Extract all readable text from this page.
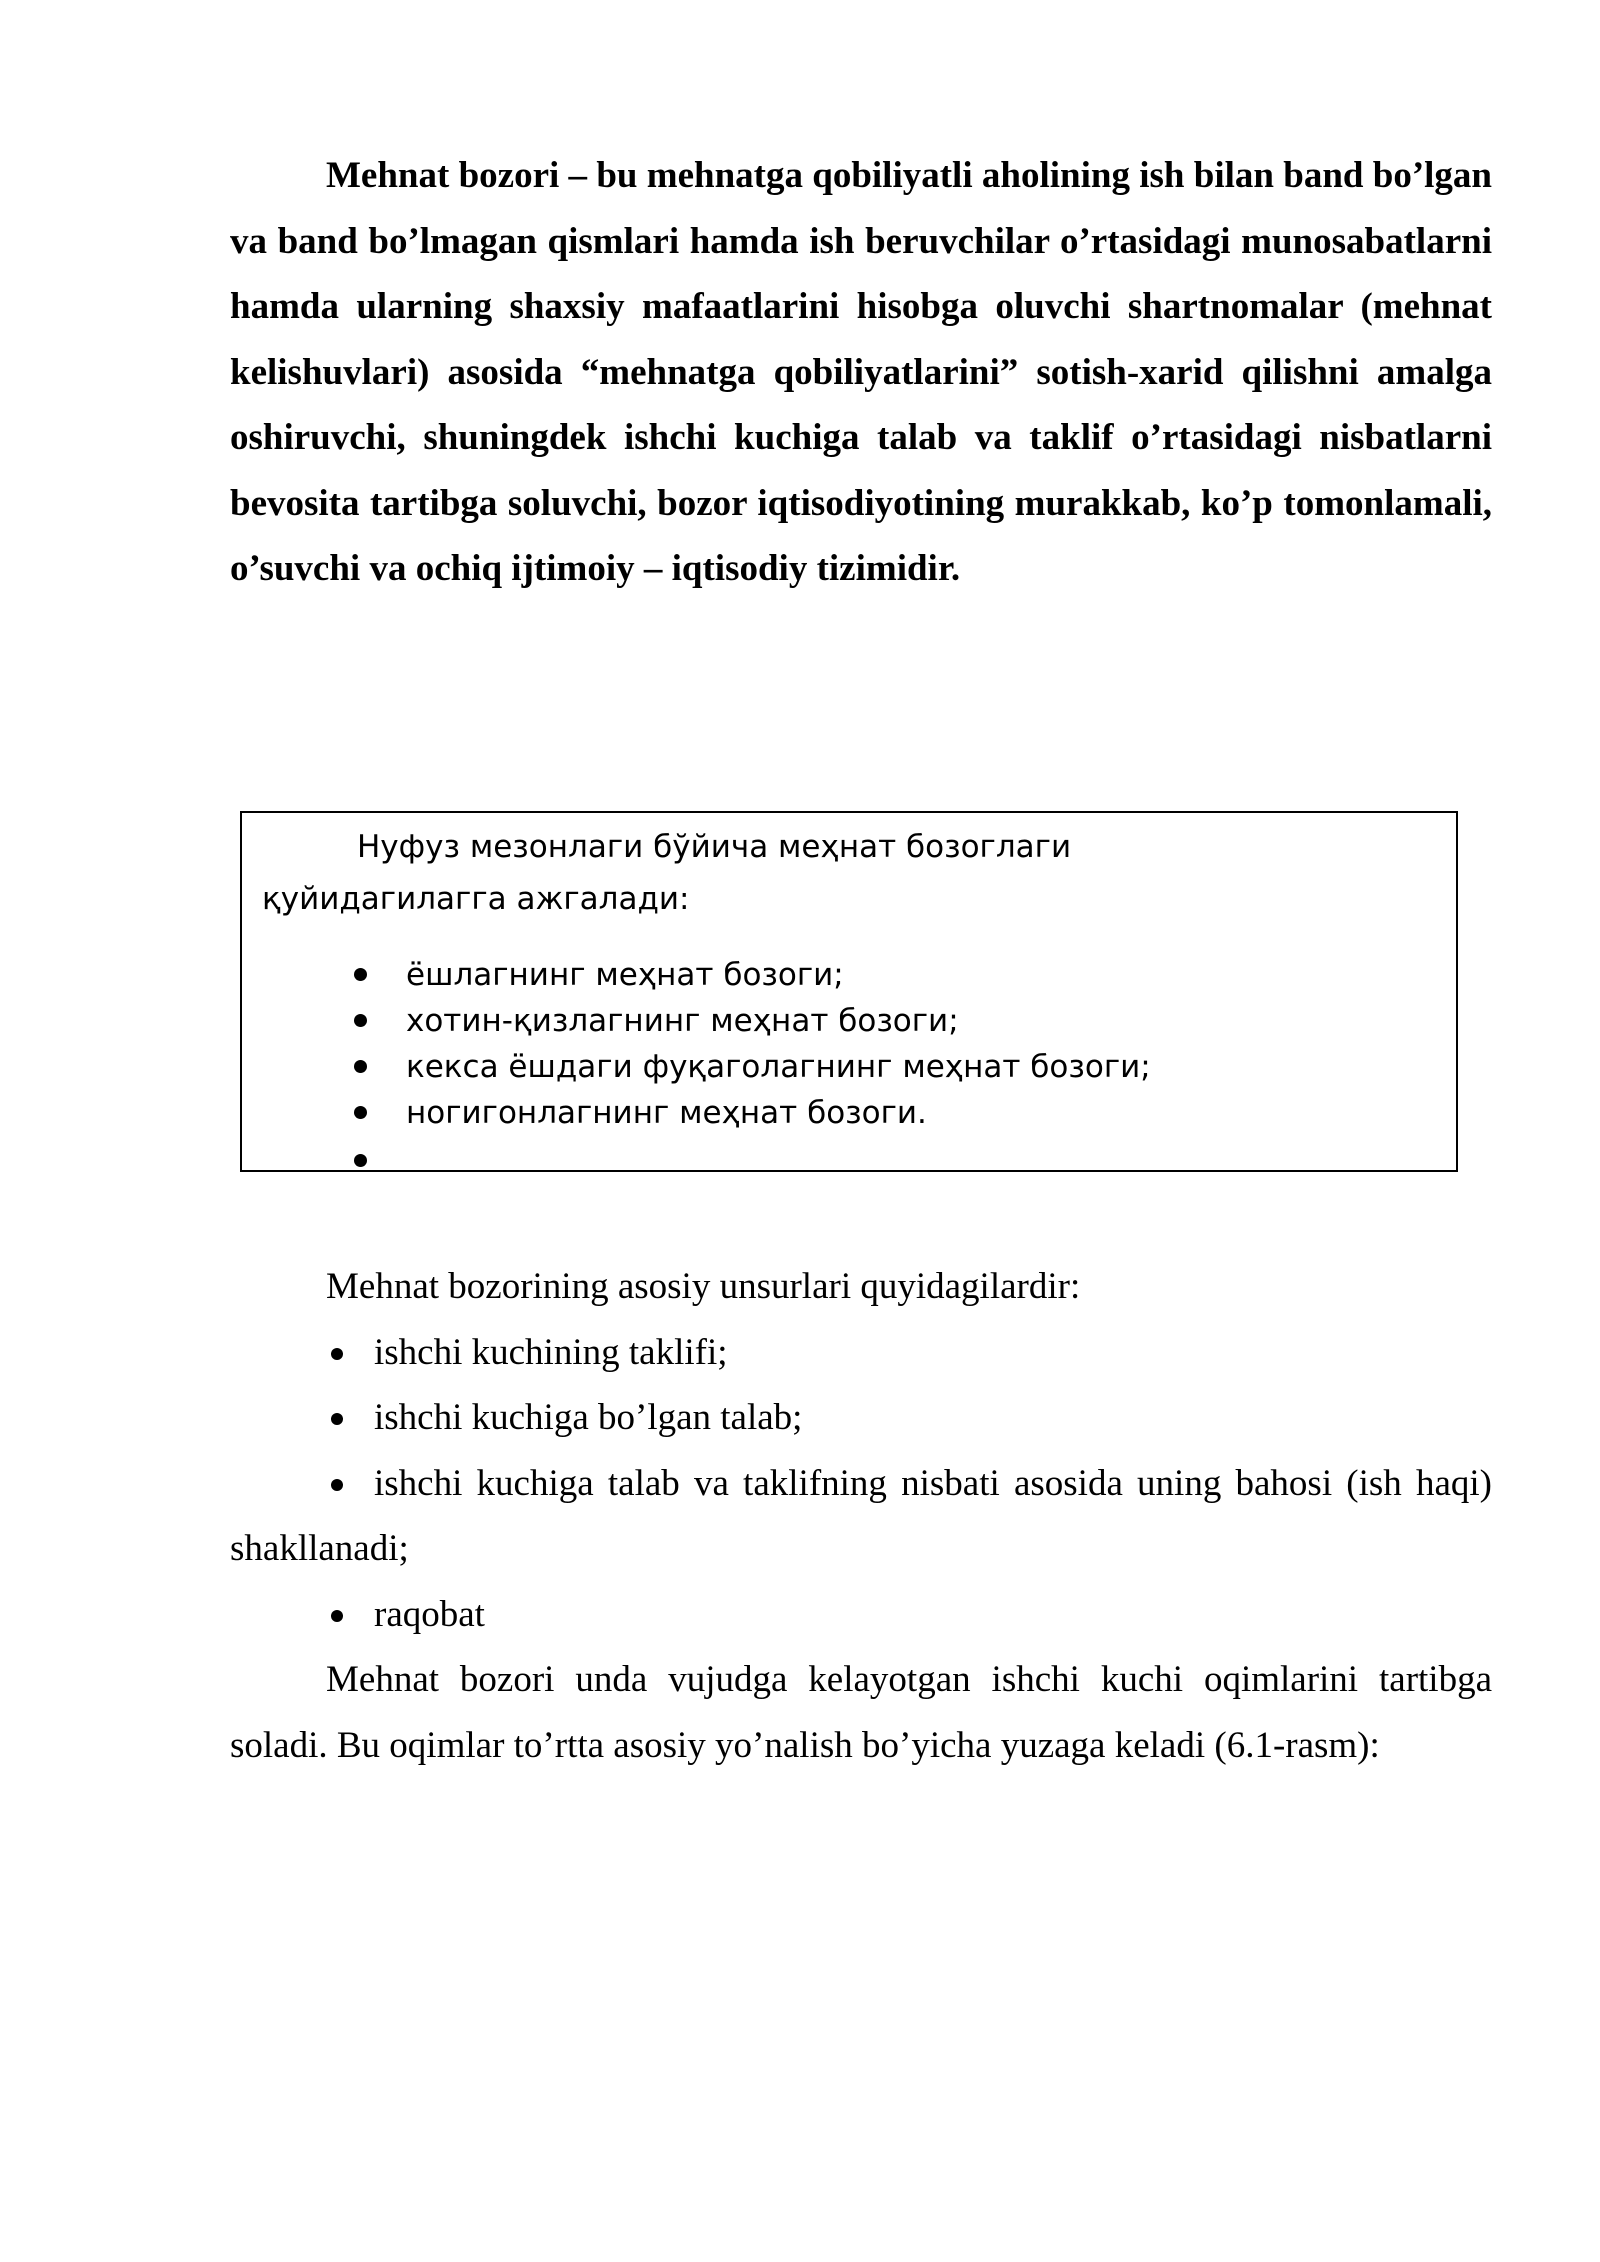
Mehnat bozori – bu mehnatga qobiliyatli aholining ish bilan band bo’lgan va band bo’lmagan qismlari hamda ish beruvchilar o’rtasidagi munosabatlarni hamda ularning shaxsiy mafaatlarini hisobga oluvchi shartnomalar (mehnat kelishuvlari) asosida “mehnatga qobiliyatlarini” sotish-xarid qilishni amalga oshiruvchi, shuningdek ishchi kuchiga talab va taklif o’rtasidagi nisbatlarni bevosita tartibga soluvchi, bozor iqtisodiyotining murakkab, ko’p tomonlamali, o’suvchi va ochiq ijtimoiy – iqtisodiy tizimidir.

Нуфуз мезонлаги бўйича меҳнат бозоглаги қуйидагилагга ажгалади:

ёшлагнинг меҳнат бозоги;
хотин-қизлагнинг меҳнат бозоги;
кекса ёшдаги фуқаголагнинг меҳнат бозоги;
ногигонлагнинг меҳнат бозоги.

Mehnat bozorining asosiy unsurlari quyidagilardir:

ishchi kuchining taklifi;

ishchi kuchiga bo’lgan talab;

ishchi kuchiga talab va taklifning nisbati asosida uning bahosi (ish haqi) shakllanadi;

raqobat

Mehnat bozori unda vujudga kelayotgan ishchi kuchi oqimlarini tartibga soladi. Bu oqimlar to’rtta asosiy yo’nalish bo’yicha yuzaga keladi (6.1-rasm):
